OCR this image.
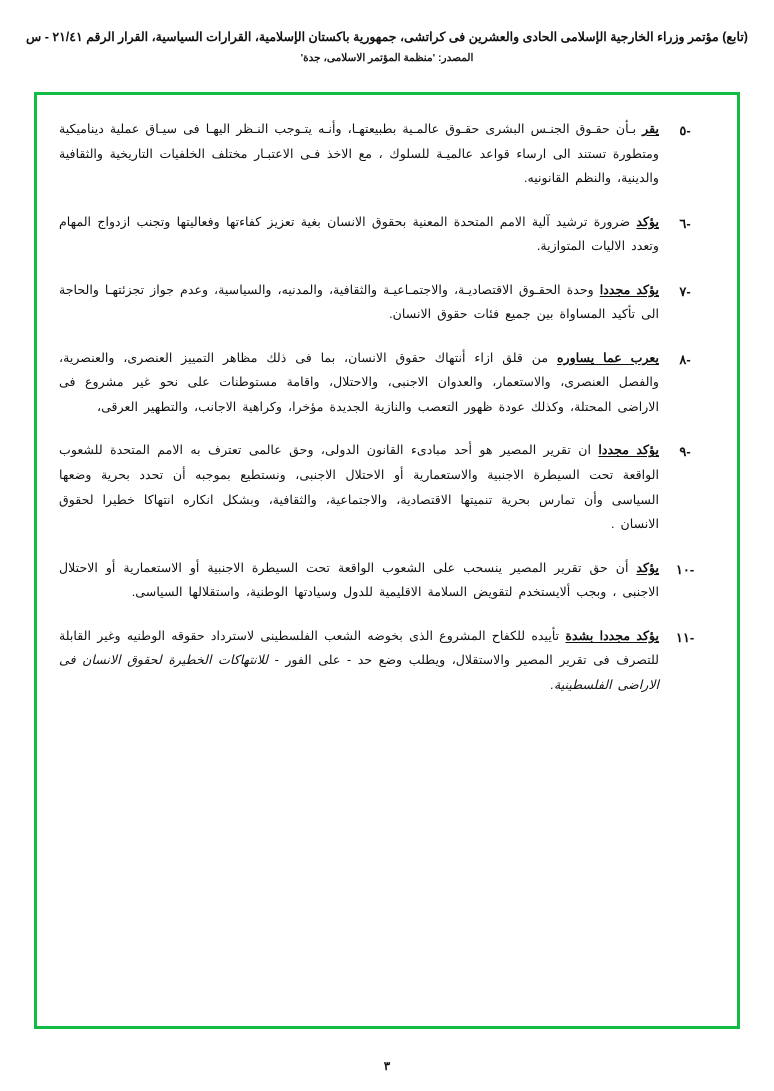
(تابع) مؤتمر وزراء الخارجية الإسلامى الحادى والعشرين فى كراتشى، جمهورية باكستان الإسلامية، القرارات السياسية، القرار الرقم ٢١/٤١ - س
المصدر: 'منظمة المؤتمر الاسلامى، جدة'
-٥
يقر بـأن حقـوق الجنـس البشرى حقـوق عالمـية بطبيعتهـا، وأنـه يتـوجب النـظر اليهـا فى سيـاق عملية ديناميكية ومتطورة تستند الى ارساء قواعد عالميـة للسلوك ، مع الاخذ فـى الاعتبـار مختلف الخلفيات التاريخية والثقافية والدينية، والنظم القانونيه.
-٦
يؤكد ضرورة ترشيد آلية الامم المتحدة المعنية بحقوق الانسان بغية تعزيز كفاءتها وفعاليتها وتجنب ازدواج المهام وتعدد الاليات المتوازية.
-٧
يؤكد مجددا وحدة الحقـوق الاقتصاديـة، والاجتمـاعيـة والثقافية، والمدنيه، والسياسية، وعدم جواز تجزئتهـا والحاجة الى تأكيد المساواة بين جميع فئات حقوق الانسان.
-٨
يعرب عما يساوره من قلق ازاء أنتهاك حقوق الانسان، بما فى ذلك مظاهر التمييز العنصرى، والعنصرية، والفصل العنصرى، والاستعمار، والعدوان الاجنبى، والاحتلال، واقامة مستوطنات على نحو غير مشروع فى الاراضى المحتلة، وكذلك عودة ظهور التعصب والنازية الجديدة مؤخرا، وكراهية الاجانب، والتطهير العرقى،
-٩
يؤكد مجددا ان تقرير المصير هو أحد مبادىء القانون الدولى، وحق عالمى تعترف به الامم المتحدة للشعوب الواقعة تحت السيطرة الاجنبية والاستعمارية أو الاحتلال الاجنبى، ونستطيع بموجبه أن تحدد بحرية وضعها السياسى وأن تمارس بحرية تنميتها الاقتصادية، والاجتماعية، والثقافية، وبشكل انكاره انتهاكا خطيرا لحقوق الانسان .
-١٠
يؤكد أن حق تقرير المصير ينسحب على الشعوب الواقعة تحت السيطرة الاجنبية أو الاستعمارية أو الاحتلال الاجنبى ، وبجب ألايستخدم لتقويض السلامة الاقليمية للدول وسيادتها الوطنية، واستقلالها السياسى.
-١١
يؤكد مجددا بشدة تأييده للكفاح المشروع الذى بخوضه الشعب الفلسطينى لاسترداد حقوقه الوطنيه وغير القابلة للتصرف فى تقرير المصير والاستقلال، ويطلب وضع حد - على الفور - للانتهاكات الخطيرة لحقوق الانسان فى الاراضى الفلسطينية.
٣
